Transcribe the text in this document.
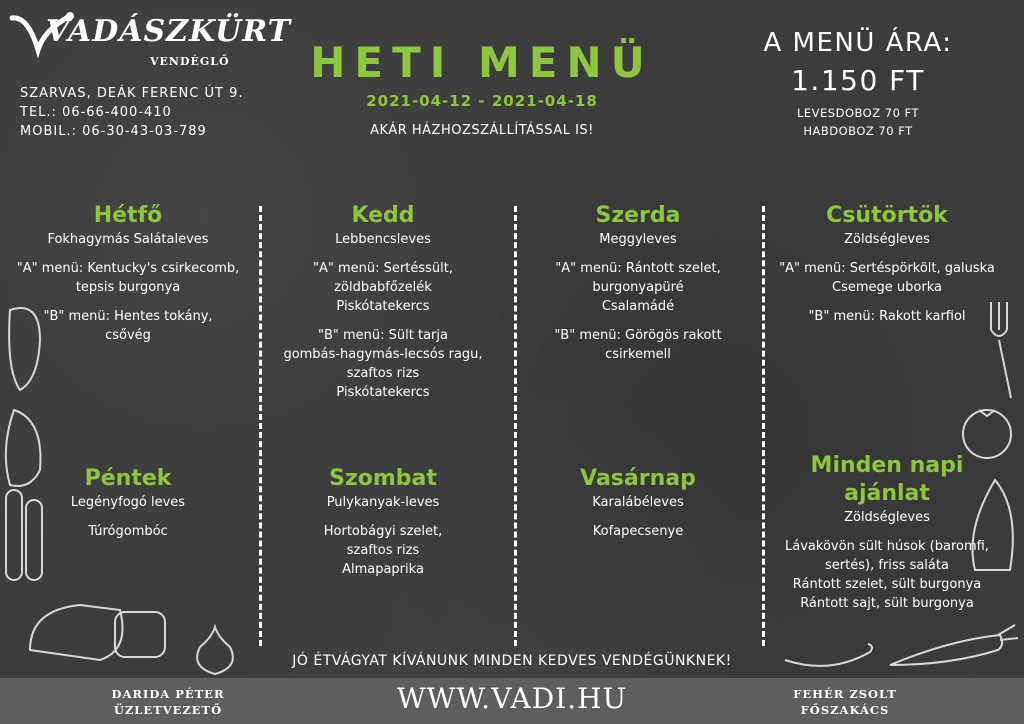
VADÁSZKÜRT
VENDÉGLŐ
SZARVAS, DEÁK FERENC ÚT 9.
TEL.: 06-66-400-410
MOBIL.: 06-30-43-03-789
HETI MENÜ
2021-04-12 - 2021-04-18
AKÁR HÁZHOZSZÁLLÍTÁSSAL IS!
A MENÜ ÁRA:
1.150 FT
LEVESDOBOZ 70 FT
HABDOBOZ 70 FT
Hétfő
Fokhagymás Salátaleves
"A" menü: Kentucky's csirkecomb,
tepsis burgonya
"B" menü: Hentes tokány,
csővég
Kedd
Lebbencsleves
"A" menü: Sertéssült,
zöldbabfőzelék
Piskótatekercs
"B" menü: Sült tarja
gombás-hagymás-lecsós ragu,
szaftos rizs
Piskótatekercs
Szerda
Meggyleves
"A" menü: Rántott szelet,
burgonyapüré
Csalamádé
"B" menü: Görögös rakott
csirkemell
Csütörtök
Zöldségleves
"A" menü: Sertéspörkölt, galuska
Csemege uborka
"B" menü: Rakott karfiol
Péntek
Legényfogó leves
Túrógombóc
Szombat
Pulykanyak-leves
Hortobágyi szelet,
szaftos rizs
Almapaprika
Vasárnap
Karalábéleves
Kofapecsenye
Minden napi
ajánlat
Zöldségleves
Lávakövön sült húsok (baromfi,
sertés), friss saláta
Rántott szelet, sült burgonya
Rántott sajt, sült burgonya
JÓ ÉTVÁGYAT KÍVÁNUNK MINDEN KEDVES VENDÉGÜNKNEK!
DARIDA PÉTER
ÜZLETVEZETŐ	WWW.VADI.HU	FEHÉR ZSOLT
FŐSZAKÁCS
